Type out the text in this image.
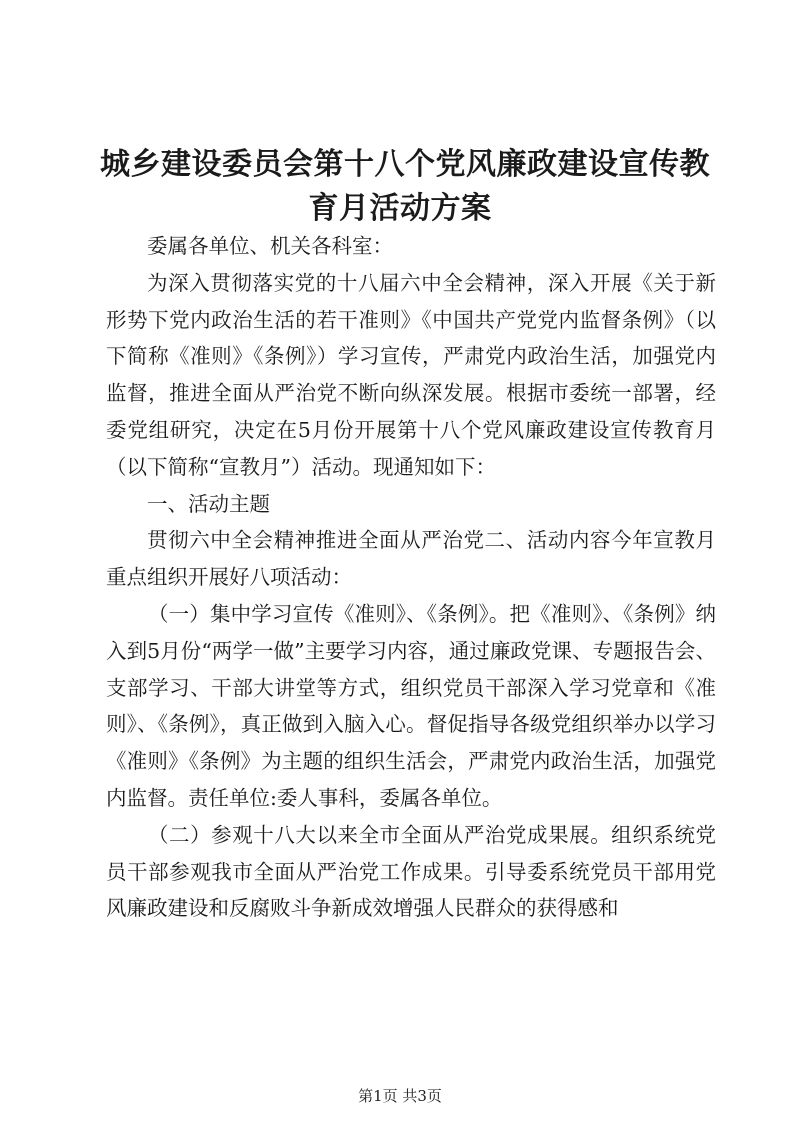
城乡建设委员会第十八个党风廉政建设宣传教
育月活动方案

委属各单位、机关各科室：

为深入贯彻落实党的十八届六中全会精神，深入开展《关于新形势下党内政治生活的若干准则》《中国共产党党内监督条例》（以下简称《准则》《条例》）学习宣传，严肃党内政治生活，加强党内监督，推进全面从严治党不断向纵深发展。根据市委统一部署，经委党组研究，决定在5月份开展第十八个党风廉政建设宣传教育月（以下简称“宣教月”）活动。现通知如下：

一、活动主题

贯彻六中全会精神推进全面从严治党二、活动内容今年宣教月重点组织开展好八项活动：

（一）集中学习宣传《准则》、《条例》。把《准则》、《条例》纳入到5月份“两学一做”主要学习内容，通过廉政党课、专题报告会、支部学习、干部大讲堂等方式，组织党员干部深入学习党章和《准则》、《条例》，真正做到入脑入心。督促指导各级党组织举办以学习《准则》《条例》为主题的组织生活会，严肃党内政治生活，加强党内监督。责任单位:委人事科，委属各单位。

（二）参观十八大以来全市全面从严治党成果展。组织系统党员干部参观我市全面从严治党工作成果。引导委系统党员干部用党风廉政建设和反腐败斗争新成效增强人民群众的获得感和

第1页 共3页
